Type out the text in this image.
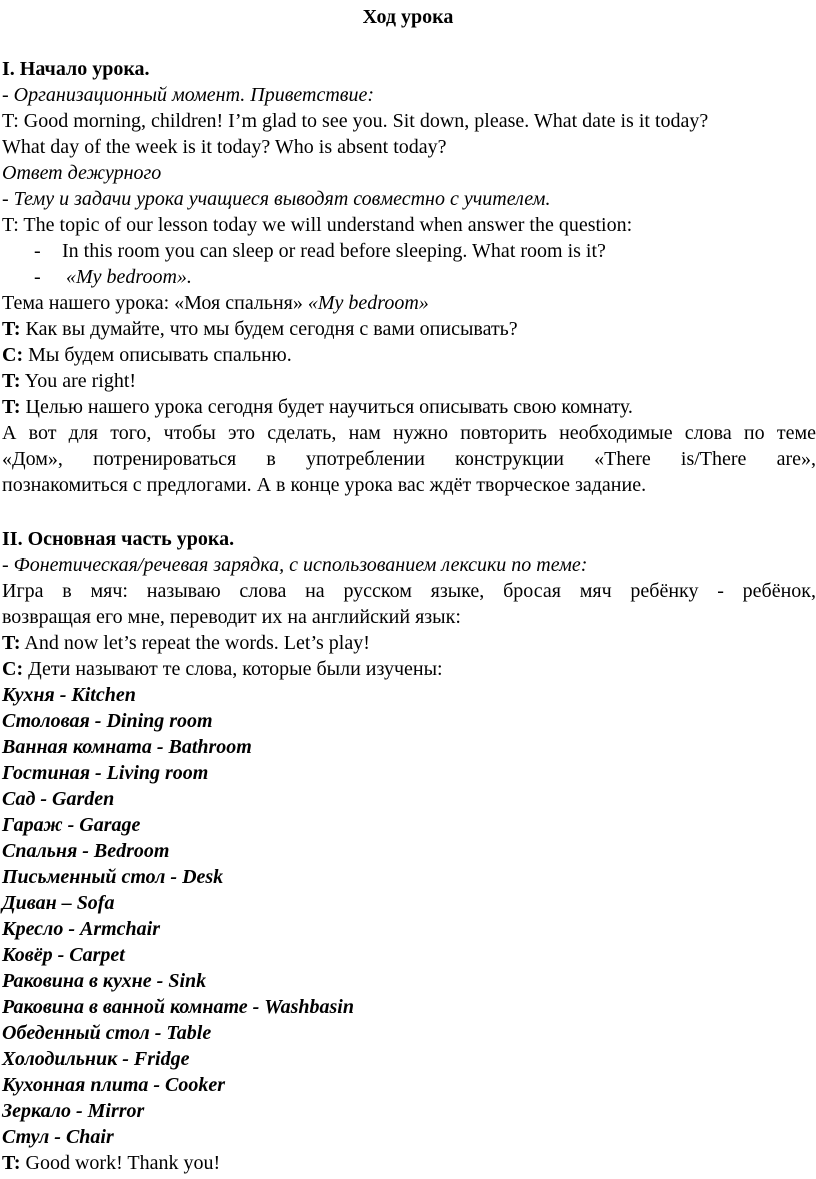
Ход урока
I. Начало урока.
- Организационный момент. Приветствие:
T: Good morning, children! I’m glad to see you. Sit down, please. What date is it today?
What day of the week is it today? Who is absent today?
Ответ дежурного
- Тему и задачи урока учащиеся выводят совместно с учителем.
T: The topic of our lesson today we will understand when answer the question:
- In this room you can sleep or read before sleeping. What room is it?
- «My bedroom».
Тема нашего урока: «Моя спальня» «My bedroom»
T: Как вы думайте, что мы будем сегодня с вами описывать?
С: Мы будем описывать спальню.
T: You are right!
T: Целью нашего урока сегодня будет научиться описывать свою комнату.
А вот для того, чтобы это сделать, нам нужно повторить необходимые слова по теме
«Дом», потренироваться в употреблении конструкции «There is/There are»,
познакомиться с предлогами. А в конце урока вас ждёт творческое задание.
II. Основная часть урока.
- Фонетическая/речевая зарядка, с использованием лексики по теме:
Игра в мяч: называю слова на русском языке, бросая мяч ребёнку - ребёнок,
возвращая его мне, переводит их на английский язык:
T: And now let’s repeat the words. Let’s play!
С: Дети называют те слова, которые были изучены:
Кухня - Kitchen
Столовая - Dining room
Ванная комната - Bathroom
Гостиная - Living room
Сад - Garden
Гараж - Garage
Спальня - Bedroom
Письменный стол - Desk
Диван – Sofa
Кресло - Armchair
Ковёр - Carpet
Раковина в кухне - Sink
Раковина в ванной комнате - Washbasin
Обеденный стол - Table
Холодильник - Fridge
Кухонная плита - Cooker
Зеркало - Mirror
Стул - Chair
T: Good work! Thank you!
